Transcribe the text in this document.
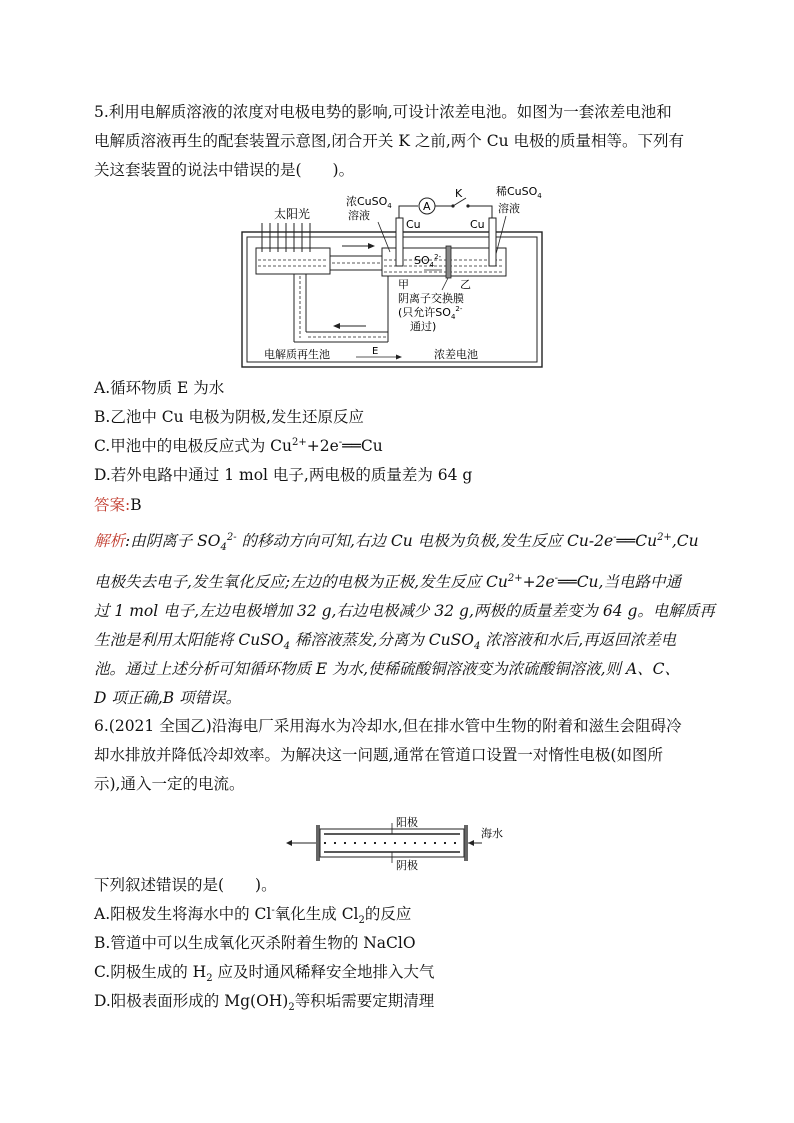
5.利用电解质溶液的浓度对电极电势的影响,可设计浓差电池。如图为一套浓差电池和
电解质溶液再生的配套装置示意图,闭合开关 K 之前,两个 Cu 电极的质量相等。下列有
关这套装置的说法中错误的是(　　)。
太阳光
A
K
浓CuSO$_4$
溶液
稀CuSO$_4$
溶液
Cu	Cu
$SO_4^{2-}$
甲	乙
阴离子交换膜
(只允许$SO_4^{2-}$
通过)
电解质再生池	E	浓差电池
A.循环物质 E 为水
B.乙池中 Cu 电极为阴极,发生还原反应
C.甲池中的电极反应式为 $Cu^{2+}+2e^-══Cu$
D.若外电路中通过 1 mol 电子,两电极的质量差为 64 g
答案:B
解析:由阴离子 $SO_4^{2-}$ 的移动方向可知,右边 Cu 电极为负极,发生反应 $Cu-2e^-══Cu^{2+},Cu$
电极失去电子,发生氧化反应;左边的电极为正极,发生反应 $Cu^{2+}+2e^-══Cu$,当电路中通
过 1 mol 电子,左边电极增加 32 g,右边电极减少 32 g,两极的质量差变为 64 g。电解质再
生池是利用太阳能将 CuSO$_4$ 稀溶液蒸发,分离为 CuSO$_4$ 浓溶液和水后,再返回浓差电
池。通过上述分析可知循环物质 E 为水,使稀硫酸铜溶液变为浓硫酸铜溶液,则 A、C、
D 项正确,B 项错误。
6.(2021 全国乙)沿海电厂采用海水为冷却水,但在排水管中生物的附着和滋生会阻碍冷
却水排放并降低冷却效率。为解决这一问题,通常在管道口设置一对惰性电极(如图所
示),通入一定的电流。
阳极
阴极
海水
下列叙述错误的是(　　)。
A.阳极发生将海水中的 Cl-氧化生成 $Cl_2$的反应
B.管道中可以生成氧化灭杀附着生物的 NaClO
C.阴极生成的 $H_2$ 应及时通风稀释安全地排入大气
D.阳极表面形成的 $Mg(OH)_2$等积垢需要定期清理
